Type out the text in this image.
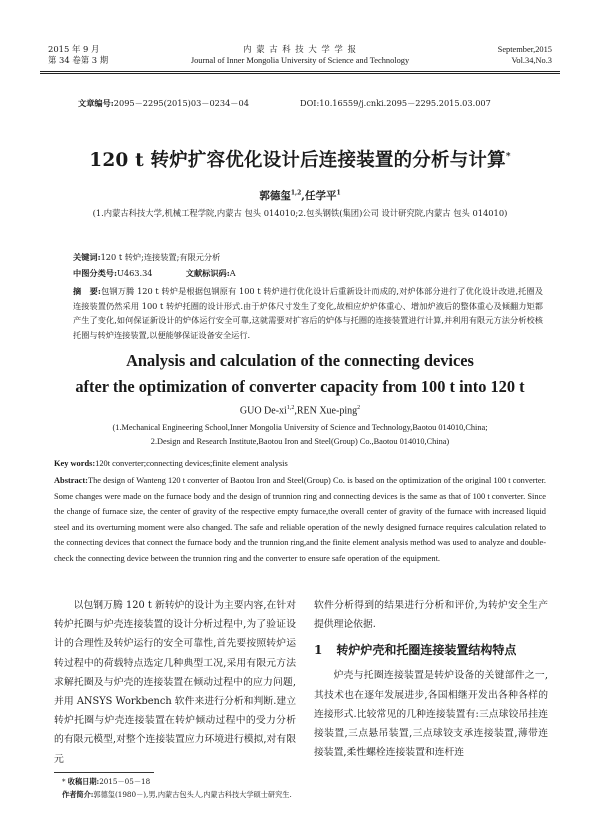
2015 年 9 月
第 34 卷第 3 期
内 蒙 古 科 技 大 学 学 报
Journal of Inner Mongolia University of Science and Technology
September,2015
Vol.34,No.3
文章编号:2095－2295(2015)03－0234－04	DOI:10.16559/j.cnki.2095－2295.2015.03.007
120 t 转炉扩容优化设计后连接装置的分析与计算*
郭德玺$^{1,2}$,任学平$^1$
(1.内蒙古科技大学,机械工程学院,内蒙古 包头 014010;2.包头钢铁(集团)公司 设计研究院,内蒙古 包头 014010)
关键词:120 t 转炉;连接装置;有限元分析
中图分类号:U463.34	文献标识码:A
摘　要:包钢万腾 120 t 转炉是根据包钢原有 100 t 转炉进行优化设计后重新设计而成的,对炉体部分进行了优化设计改进,托圈及连接装置仍然采用 100 t 转炉托圈的设计形式.由于炉体尺寸发生了变化,故相应炉炉体重心、增加炉液后的整体重心及倾翻力矩都产生了变化,如何保证新设计的炉体运行安全可靠,这就需要对扩容后的炉体与托圈的连接装置进行计算,并利用有限元方法分析校核托圈与转炉连接装置,以便能够保证设备安全运行.
Analysis and calculation of the connecting devices
after the optimization of converter capacity from 100 t into 120 t
GUO De-xi$^{1,2}$,REN Xue-ping$^2$
(1.Mechanical Engineering School,Inner Mongolia University of Science and Technology,Baotou 014010,China;
2.Design and Research Institute,Baotou Iron and Steel(Group) Co.,Baotou 014010,China)
Key words:120t converter;connecting devices;finite element analysis
Abstract:The design of Wanteng 120 t converter of Baotou Iron and Steel(Group) Co. is based on the optimization of the original 100 t converter. Some changes were made on the furnace body and the design of trunnion ring and connecting devices is the same as that of 100 t converter. Since the change of furnace size, the center of gravity of the respective empty furnace,the overall center of gravity of the furnace with increased liquid steel and its overturning moment were also changed. The safe and reliable operation of the newly designed furnace requires calculation related to the connecting devices that connect the furnace body and the trunnion ring,and the finite element analysis method was used to analyze and double-check the connecting device between the trunnion ring and the converter to ensure safe operation of the equipment.
以包钢万腾 120 t 新转炉的设计为主要内容,在针对转炉托圈与炉壳连接装置的设计分析过程中,为了验证设计的合理性及转炉运行的安全可靠性,首先要按照转炉运转过程中的荷载特点选定几种典型工况,采用有限元方法求解托圈及与炉壳的连接装置在倾动过程中的应力问题,并用 ANSYS Workbench 软件来进行分析和判断.建立转炉托圈与炉壳连接装置在转炉倾动过程中的受力分析的有限元模型,对整个连接装置应力环境进行模拟,对有限元
软件分析得到的结果进行分析和评价,为转炉安全生产提供理论依据.
1 转炉炉壳和托圈连接装置结构特点
炉壳与托圈连接装置是转炉设备的关键部件之一,其技术也在逐年发展进步,各国相继开发出各种各样的连接形式.比较常见的几种连接装置有:三点球铰吊挂连接装置,三点悬吊装置,三点球铰支承连接装置,薄带连接装置,柔性螺栓连接装置和连杆连
* 收稿日期:2015－05－18
作者简介:郭德玺(1980－),男,内蒙古包头人,内蒙古科技大学硕士研究生.
